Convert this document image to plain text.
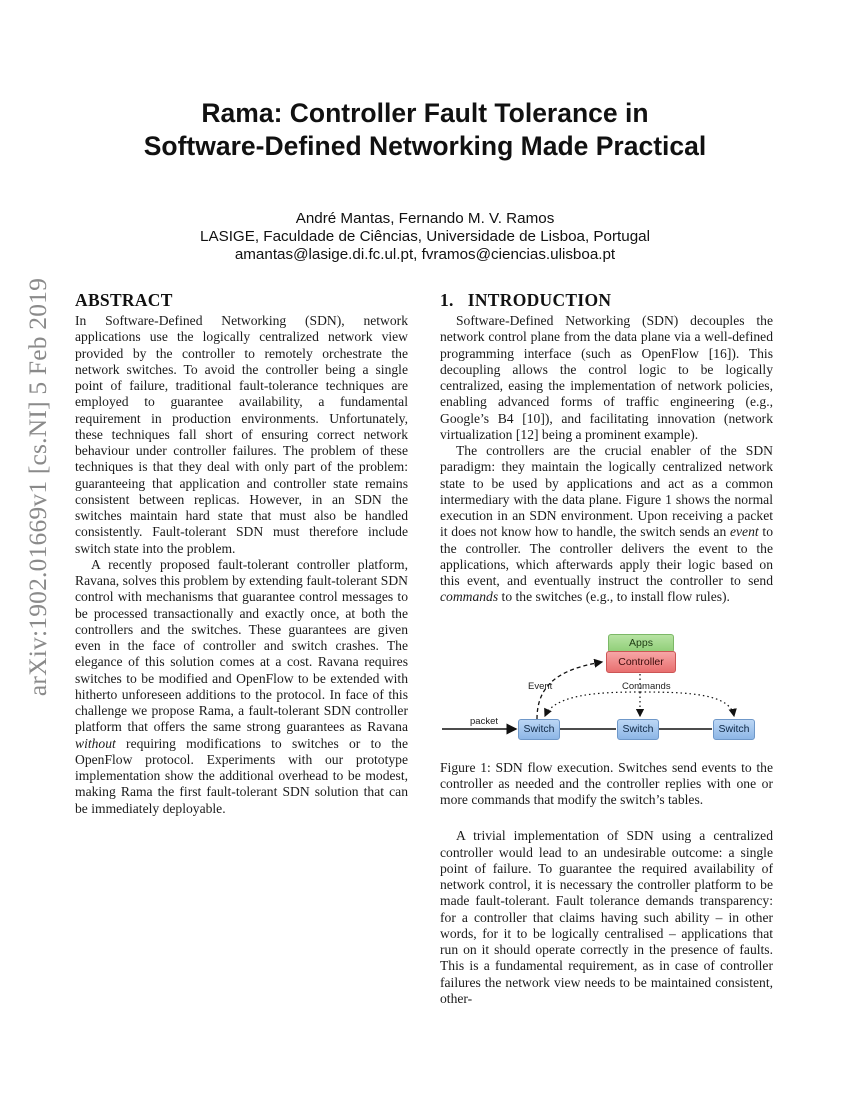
arXiv:1902.01669v1 [cs.NI] 5 Feb 2019
Rama: Controller Fault Tolerance in
Software-Defined Networking Made Practical
André Mantas, Fernando M. V. Ramos
LASIGE, Faculdade de Ciências, Universidade de Lisboa, Portugal
amantas@lasige.di.fc.ul.pt, fvramos@ciencias.ulisboa.pt
ABSTRACT

In Software-Defined Networking (SDN), network applications use the logically centralized network view provided by the controller to remotely orchestrate the network switches. To avoid the controller being a single point of failure, traditional fault-tolerance techniques are employed to guarantee availability, a fundamental requirement in production environments. Unfortunately, these techniques fall short of ensuring correct network behaviour under controller failures. The problem of these techniques is that they deal with only part of the problem: guaranteeing that application and controller state remains consistent between replicas. However, in an SDN the switches maintain hard state that must also be handled consistently. Fault-tolerant SDN must therefore include switch state into the problem.

A recently proposed fault-tolerant controller platform, Ravana, solves this problem by extending fault-tolerant SDN control with mechanisms that guarantee control messages to be processed transactionally and exactly once, at both the controllers and the switches. These guarantees are given even in the face of controller and switch crashes. The elegance of this solution comes at a cost. Ravana requires switches to be modified and OpenFlow to be extended with hitherto unforeseen additions to the protocol. In face of this challenge we propose Rama, a fault-tolerant SDN controller platform that offers the same strong guarantees as Ravana without requiring modifications to switches or to the OpenFlow protocol. Experiments with our prototype implementation show the additional overhead to be modest, making Rama the first fault-tolerant SDN solution that can be immediately deployable.

1.   INTRODUCTION

Software-Defined Networking (SDN) decouples the network control plane from the data plane via a well-defined programming interface (such as OpenFlow [16]). This decoupling allows the control logic to be logically centralized, easing the implementation of network policies, enabling advanced forms of traffic engineering (e.g., Google’s B4 [10]), and facilitating innovation (network virtualization [12] being a prominent example).

The controllers are the crucial enabler of the SDN paradigm: they maintain the logically centralized network state to be used by applications and act as a common intermediary with the data plane. Figure 1 shows the normal execution in an SDN environment. Upon receiving a packet it does not know how to handle, the switch sends an event to the controller. The controller delivers the event to the applications, which afterwards apply their logic based on this event, and eventually instruct the controller to send commands to the switches (e.g., to install flow rules).

Apps
Controller
Event	Commands
packet
Switch	Switch	Switch

Figure 1: SDN flow execution. Switches send events to the controller as needed and the controller replies with one or more commands that modify the switch’s tables.

A trivial implementation of SDN using a centralized controller would lead to an undesirable outcome: a single point of failure. To guarantee the required availability of network control, it is necessary the controller platform to be made fault-tolerant. Fault tolerance demands transparency: for a controller that claims having such ability – in other words, for it to be logically centralised – applications that run on it should operate correctly in the presence of faults. This is a fundamental requirement, as in case of controller failures the network view needs to be maintained consistent, other-
